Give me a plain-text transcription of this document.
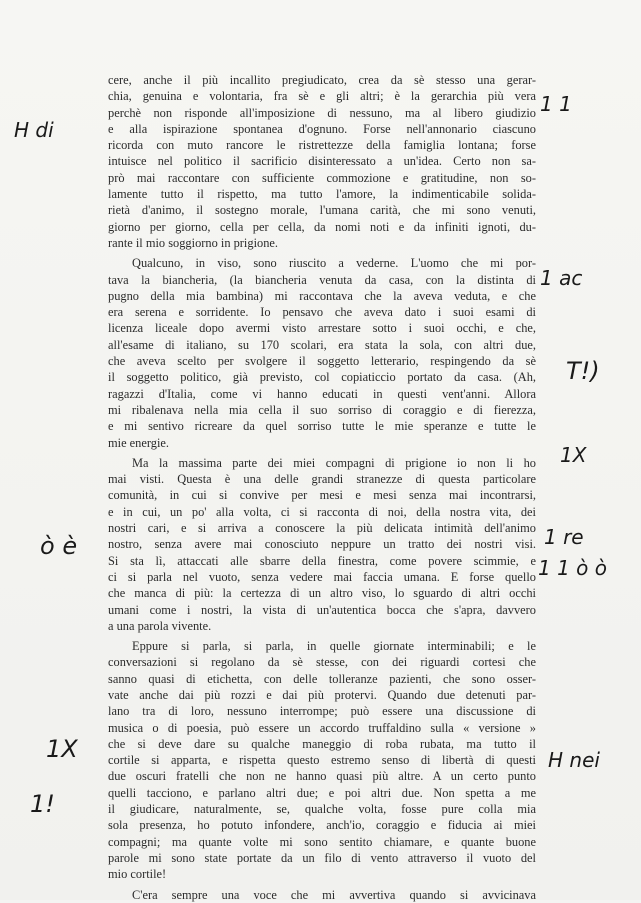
cere, anche il più incallito pregiudicato, crea da sè stesso una gerar-
chia, genuina e volontaria, fra sè e gli altri; è la gerarchia più vera
perchè non risponde all'imposizione di nessuno, ma al libero giudizio
e alla ispirazione spontanea d'ognuno. Forse nell'annonario ciascuno
ricorda con muto rancore le ristrettezze della famiglia lontana; forse
intuisce nel politico il sacrificio disinteressato a un'idea. Certo non sa-
prò mai raccontare con sufficiente commozione e gratitudine, non so-
lamente tutto il rispetto, ma tutto l'amore, la indimenticabile solida-
rietà d'animo, il sostegno morale, l'umana carità, che mi sono venuti,
giorno per giorno, cella per cella, da nomi noti e da infiniti ignoti, du-
rante il mio soggiorno in prigione.
Qualcuno, in viso, sono riuscito a vederne. L'uomo che mi por-
tava la biancheria, (la biancheria venuta da casa, con la distinta di
pugno della mia bambina) mi raccontava che la aveva veduta, e che
era serena e sorridente. Io pensavo che aveva dato i suoi esami di
licenza liceale dopo avermi visto arrestare sotto i suoi occhi, e che,
all'esame di italiano, su 170 scolari, era stata la sola, con altri due,
che aveva scelto per svolgere il soggetto letterario, respingendo da sè
il soggetto politico, già previsto, col copiaticcio portato da casa. (Ah,
ragazzi d'Italia, come vi hanno educati in questi vent'anni. Allora
mi ribalenava nella mia cella il suo sorriso di coraggio e di fierezza,
e mi sentivo ricreare da quel sorriso tutte le mie speranze e tutte le
mie energie.
Ma la massima parte dei miei compagni di prigione io non li ho
mai visti. Questa è una delle grandi stranezze di questa particolare
comunità, in cui si convive per mesi e mesi senza mai incontrarsi,
e in cui, un po' alla volta, ci si racconta di noi, della nostra vita, dei
nostri cari, e si arriva a conoscere la più delicata intimità dell'animo
nostro, senza avere mai conosciuto neppure un tratto dei nostri visi.
Si sta lì, attaccati alle sbarre della finestra, come povere scimmie, e
ci si parla nel vuoto, senza vedere mai faccia umana. E forse quello
che manca di più: la certezza di un altro viso, lo sguardo di altri occhi
umani come i nostri, la vista di un'autentica bocca che s'apra, davvero
a una parola vivente.
Eppure si parla, si parla, in quelle giornate interminabili; e le
conversazioni si regolano da sè stesse, con dei riguardi cortesi che
sanno quasi di etichetta, con delle tolleranze pazienti, che sono osser-
vate anche dai più rozzi e dai più protervi. Quando due detenuti par-
lano tra di loro, nessuno interrompe; può essere una discussione di
musica o di poesia, può essere un accordo truffaldino sulla « versione »
che si deve dare su qualche maneggio di roba rubata, ma tutto il
cortile si apparta, e rispetta questo estremo senso di libertà di questi
due oscuri fratelli che non ne hanno quasi più altre. A un certo punto
quelli tacciono, e parlano altri due; e poi altri due. Non spetta a me
il giudicare, naturalmente, se, qualche volta, fosse pure colla mia
sola presenza, ho potuto infondere, anch'io, coraggio e fiducia ai miei
compagni; ma quante volte mi sono sentito chiamare, e quante buone
parole mi sono state portate da un filo di vento attraverso il vuoto del
mio cortile!
C'era sempre una voce che mi avvertiva quando si avvicinava
H di
ò è
1X
1!
1 1
1 ac
T!)
1X
1 re
1 1 ò ò
H nei
